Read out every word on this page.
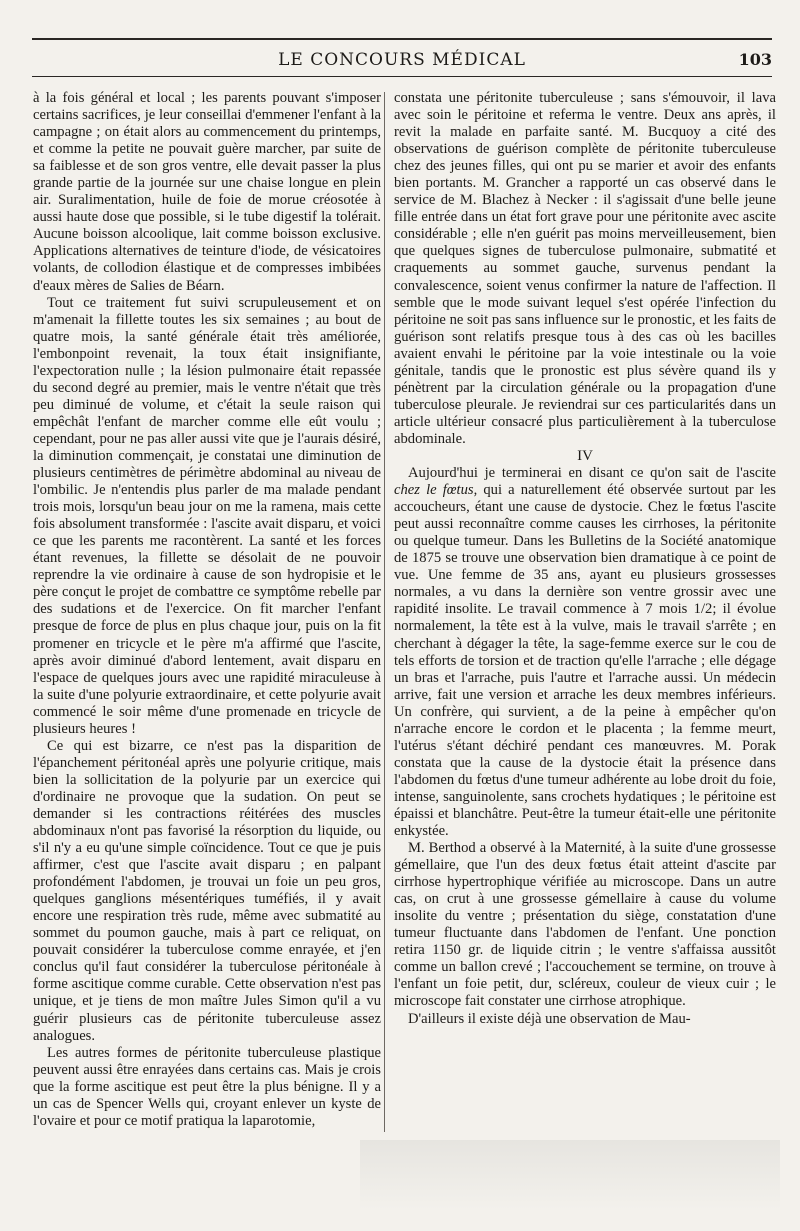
LE CONCOURS MÉDICAL	103

à la fois général et local ; les parents pouvant s'imposer certains sacrifices, je leur conseillai d'emmener l'enfant à la campagne ; on était alors au commencement du printemps, et comme la petite ne pouvait guère marcher, par suite de sa faiblesse et de son gros ventre, elle devait passer la plus grande partie de la journée sur une chaise longue en plein air. Suralimentation, huile de foie de morue créosotée à aussi haute dose que possible, si le tube digestif la tolérait. Aucune boisson alcoolique, lait comme boisson exclusive. Applications alternatives de teinture d'iode, de vésicatoires volants, de collodion élastique et de compresses imbibées d'eaux mères de Salies de Béarn.

Tout ce traitement fut suivi scrupuleusement et on m'amenait la fillette toutes les six semaines ; au bout de quatre mois, la santé générale était très améliorée, l'embonpoint revenait, la toux était insignifiante, l'expectoration nulle ; la lésion pulmonaire était repassée du second degré au premier, mais le ventre n'était que très peu diminué de volume, et c'était la seule raison qui empêchât l'enfant de marcher comme elle eût voulu ; cependant, pour ne pas aller aussi vite que je l'aurais désiré, la diminution commençait, je constatai une diminution de plusieurs centimètres de périmètre abdominal au niveau de l'ombilic. Je n'entendis plus parler de ma malade pendant trois mois, lorsqu'un beau jour on me la ramena, mais cette fois absolument transformée : l'ascite avait disparu, et voici ce que les parents me racontèrent. La santé et les forces étant revenues, la fillette se désolait de ne pouvoir reprendre la vie ordinaire à cause de son hydropisie et le père conçut le projet de combattre ce symptôme rebelle par des sudations et de l'exercice. On fit marcher l'enfant presque de force de plus en plus chaque jour, puis on la fit promener en tricycle et le père m'a affirmé que l'ascite, après avoir diminué d'abord lentement, avait disparu en l'espace de quelques jours avec une rapidité miraculeuse à la suite d'une polyurie extraordinaire, et cette polyurie avait commencé le soir même d'une promenade en tricycle de plusieurs heures !

Ce qui est bizarre, ce n'est pas la disparition de l'épanchement péritonéal après une polyurie critique, mais bien la sollicitation de la polyurie par un exercice qui d'ordinaire ne provoque que la sudation. On peut se demander si les contractions réitérées des muscles abdominaux n'ont pas favorisé la résorption du liquide, ou s'il n'y a eu qu'une simple coïncidence. Tout ce que je puis affirmer, c'est que l'ascite avait disparu ; en palpant profondément l'abdomen, je trouvai un foie un peu gros, quelques ganglions mésentériques tuméfiés, il y avait encore une respiration très rude, même avec submatité au sommet du poumon gauche, mais à part ce reliquat, on pouvait considérer la tuberculose comme enrayée, et j'en conclus qu'il faut considérer la tuberculose péritonéale à forme ascitique comme curable. Cette observation n'est pas unique, et je tiens de mon maître Jules Simon qu'il a vu guérir plusieurs cas de péritonite tuberculeuse assez analogues.

Les autres formes de péritonite tuberculeuse plastique peuvent aussi être enrayées dans certains cas. Mais je crois que la forme ascitique est peut être la plus bénigne. Il y a un cas de Spencer Wells qui, croyant enlever un kyste de l'ovaire et pour ce motif pratiqua la laparotomie,

constata une péritonite tuberculeuse ; sans s'émouvoir, il lava avec soin le péritoine et referma le ventre. Deux ans après, il revit la malade en parfaite santé. M. Bucquoy a cité des observations de guérison complète de péritonite tuberculeuse chez des jeunes filles, qui ont pu se marier et avoir des enfants bien portants. M. Grancher a rapporté un cas observé dans le service de M. Blachez à Necker : il s'agissait d'une belle jeune fille entrée dans un état fort grave pour une péritonite avec ascite considérable ; elle n'en guérit pas moins merveilleusement, bien que quelques signes de tuberculose pulmonaire, submatité et craquements au sommet gauche, survenus pendant la convalescence, soient venus confirmer la nature de l'affection. Il semble que le mode suivant lequel s'est opérée l'infection du péritoine ne soit pas sans influence sur le pronostic, et les faits de guérison sont relatifs presque tous à des cas où les bacilles avaient envahi le péritoine par la voie intestinale ou la voie génitale, tandis que le pronostic est plus sévère quand ils y pénètrent par la circulation générale ou la propagation d'une tuberculose pleurale. Je reviendrai sur ces particularités dans un article ultérieur consacré plus particulièrement à la tuberculose abdominale.

IV

Aujourd'hui je terminerai en disant ce qu'on sait de l'ascite chez le fœtus, qui a naturellement été observée surtout par les accoucheurs, étant une cause de dystocie. Chez le fœtus l'ascite peut aussi reconnaître comme causes les cirrhoses, la péritonite ou quelque tumeur. Dans les Bulletins de la Société anatomique de 1875 se trouve une observation bien dramatique à ce point de vue. Une femme de 35 ans, ayant eu plusieurs grossesses normales, a vu dans la dernière son ventre grossir avec une rapidité insolite. Le travail commence à 7 mois 1/2; il évolue normalement, la tête est à la vulve, mais le travail s'arrête ; en cherchant à dégager la tête, la sage-femme exerce sur le cou de tels efforts de torsion et de traction qu'elle l'arrache ; elle dégage un bras et l'arrache, puis l'autre et l'arrache aussi. Un médecin arrive, fait une version et arrache les deux membres inférieurs. Un confrère, qui survient, a de la peine à empêcher qu'on n'arrache encore le cordon et le placenta ; la femme meurt, l'utérus s'étant déchiré pendant ces manœuvres. M. Porak constata que la cause de la dystocie était la présence dans l'abdomen du fœtus d'une tumeur adhérente au lobe droit du foie, intense, sanguinolente, sans crochets hydatiques ; le péritoine est épaissi et blanchâtre. Peut-être la tumeur était-elle une péritonite enkystée.

M. Berthod a observé à la Maternité, à la suite d'une grossesse gémellaire, que l'un des deux fœtus était atteint d'ascite par cirrhose hypertrophique vérifiée au microscope. Dans un autre cas, on crut à une grossesse gémellaire à cause du volume insolite du ventre ; présentation du siège, constatation d'une tumeur fluctuante dans l'abdomen de l'enfant. Une ponction retira 1150 gr. de liquide citrin ; le ventre s'affaissa aussitôt comme un ballon crevé ; l'accouchement se termine, on trouve à l'enfant un foie petit, dur, scléreux, couleur de vieux cuir ; le microscope fait constater une cirrhose atrophique.

D'ailleurs il existe déjà une observation de Mau-
